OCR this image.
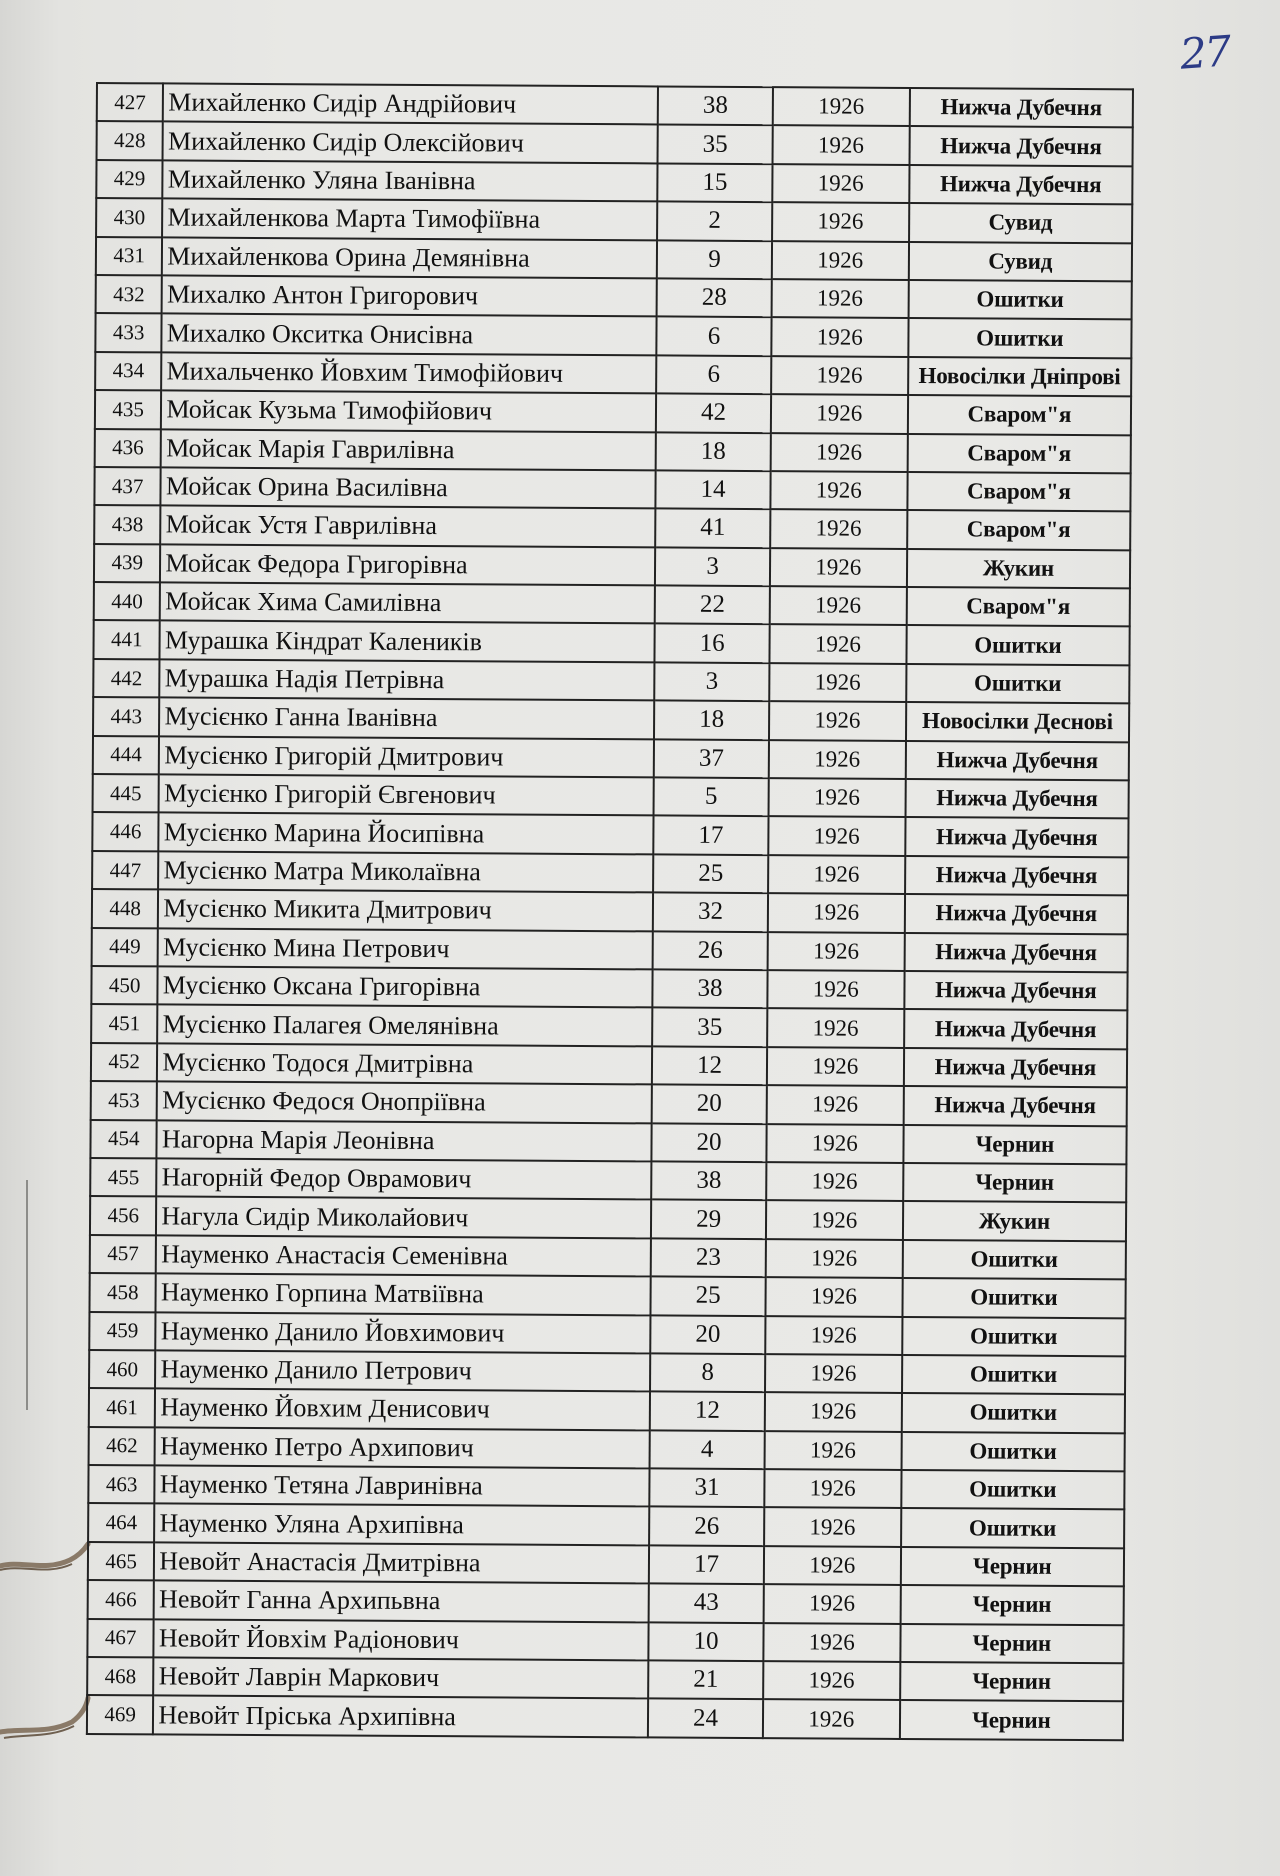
27
427	Михайленко Сидір Андрійович	38	1926	Нижча Дубечня
428	Михайленко Сидір Олексійович	35	1926	Нижча Дубечня
429	Михайленко Уляна Іванівна	15	1926	Нижча Дубечня
430	Михайленкова Марта Тимофіївна	2	1926	Сувид
431	Михайленкова Орина Демянівна	9	1926	Сувид
432	Михалко Антон Григорович	28	1926	Ошитки
433	Михалко Окситка Онисівна	6	1926	Ошитки
434	Михальченко Йовхим Тимофійович	6	1926	Новосілки Дніпрові
435	Мойсак Кузьма Тимофійович	42	1926	Сваром"я
436	Мойсак Марія Гаврилівна	18	1926	Сваром"я
437	Мойсак Орина Василівна	14	1926	Сваром"я
438	Мойсак Устя Гаврилівна	41	1926	Сваром"я
439	Мойсак Федора Григорівна	3	1926	Жукин
440	Мойсак Хима Самилівна	22	1926	Сваром"я
441	Мурашка Кіндрат Калеників	16	1926	Ошитки
442	Мурашка Надія Петрівна	3	1926	Ошитки
443	Мусієнко Ганна Іванівна	18	1926	Новосілки Деснові
444	Мусієнко Григорій Дмитрович	37	1926	Нижча Дубечня
445	Мусієнко Григорій Євгенович	5	1926	Нижча Дубечня
446	Мусієнко Марина Йосипівна	17	1926	Нижча Дубечня
447	Мусієнко Матра Миколаївна	25	1926	Нижча Дубечня
448	Мусієнко Микита Дмитрович	32	1926	Нижча Дубечня
449	Мусієнко Мина Петрович	26	1926	Нижча Дубечня
450	Мусієнко Оксана Григорівна	38	1926	Нижча Дубечня
451	Мусієнко Палагея Омелянівна	35	1926	Нижча Дубечня
452	Мусієнко Тодося Дмитрівна	12	1926	Нижча Дубечня
453	Мусієнко Федося Онопріївна	20	1926	Нижча Дубечня
454	Нагорна Марія Леонівна	20	1926	Чернин
455	Нагорній Федор Оврамович	38	1926	Чернин
456	Нагула Сидір Миколайович	29	1926	Жукин
457	Науменко Анастасія Семенівна	23	1926	Ошитки
458	Науменко Горпина Матвіївна	25	1926	Ошитки
459	Науменко Данило Йовхимович	20	1926	Ошитки
460	Науменко Данило Петрович	8	1926	Ошитки
461	Науменко Йовхим Денисович	12	1926	Ошитки
462	Науменко Петро Архипович	4	1926	Ошитки
463	Науменко Тетяна Лавринівна	31	1926	Ошитки
464	Науменко Уляна Архипівна	26	1926	Ошитки
465	Невойт Анастасія Дмитрівна	17	1926	Чернин
466	Невойт Ганна Архипьвна	43	1926	Чернин
467	Невойт Йовхім Радіонович	10	1926	Чернин
468	Невойт Лаврін Маркович	21	1926	Чернин
469	Невойт Пріська Архипівна	24	1926	Чернин
